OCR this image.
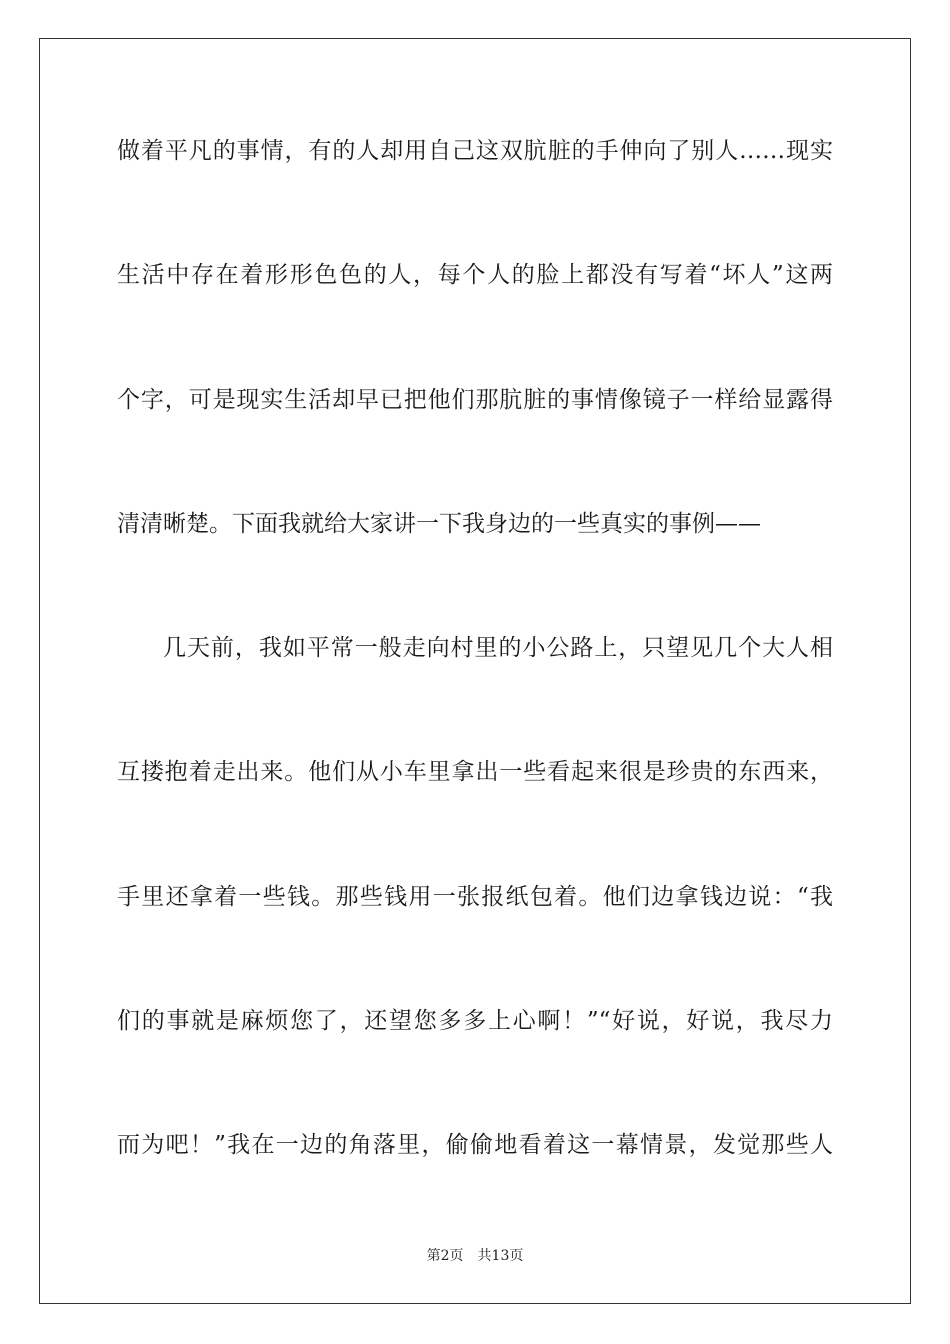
做着平凡的事情，有的人却用自己这双肮脏的手伸向了别人……现实
生活中存在着形形色色的人，每个人的脸上都没有写着“坏人”这两
个字，可是现实生活却早已把他们那肮脏的事情像镜子一样给显露得
清清晰楚。下面我就给大家讲一下我身边的一些真实的事例——
几天前，我如平常一般走向村里的小公路上，只望见几个大人相
互搂抱着走出来。他们从小车里拿出一些看起来很是珍贵的东西来，
手里还拿着一些钱。那些钱用一张报纸包着。他们边拿钱边说：“我
们的事就是麻烦您了，还望您多多上心啊！”“好说，好说，我尽力
而为吧！”我在一边的角落里，偷偷地看着这一幕情景，发觉那些人
第2页　共13页
